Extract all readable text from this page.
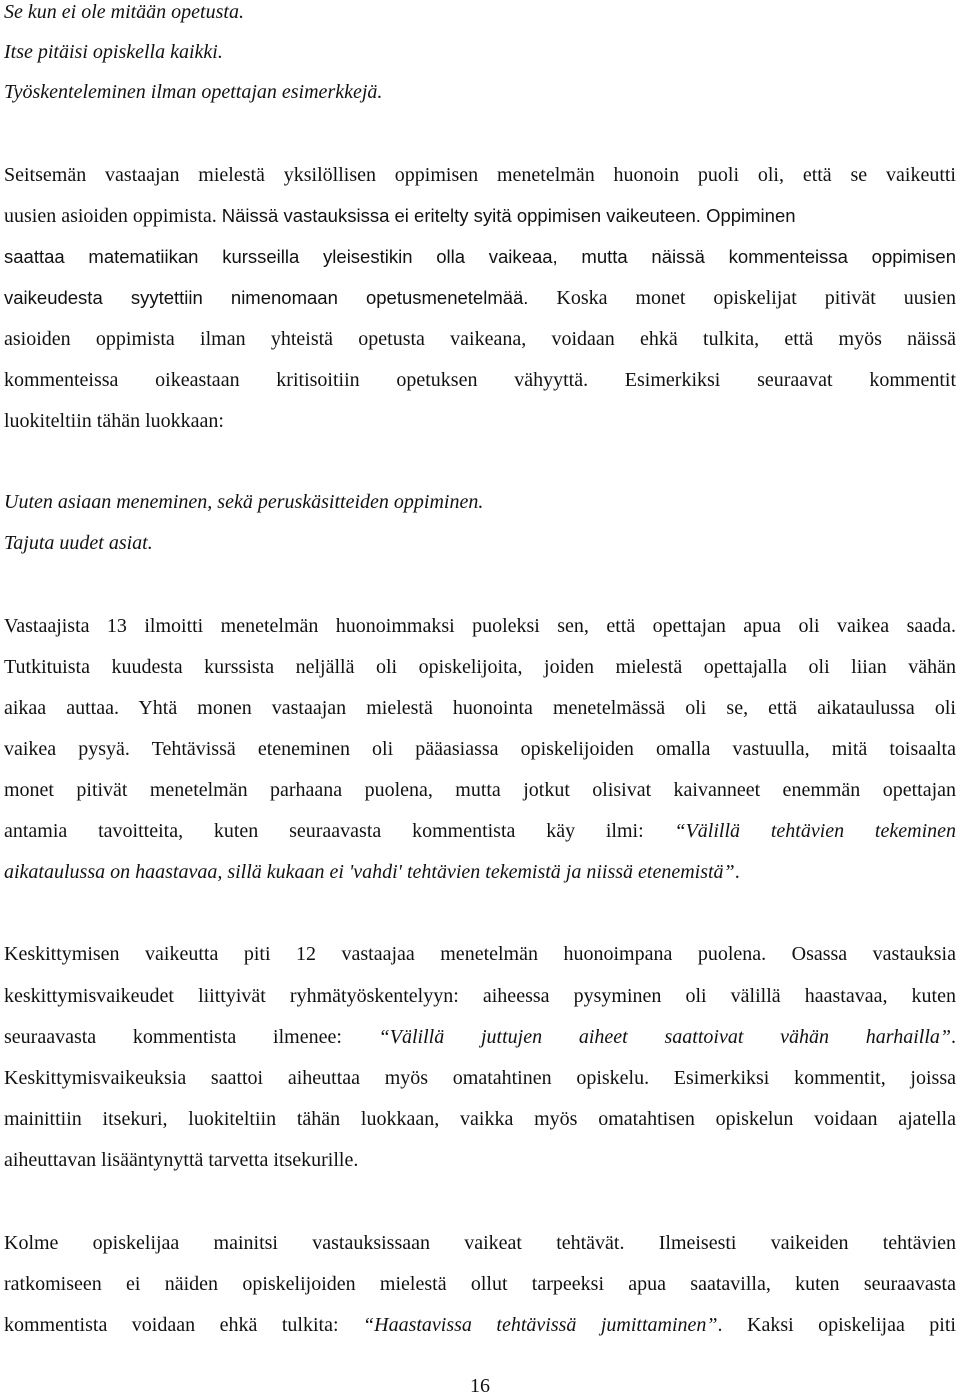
Se kun ei ole mitään opetusta.
Itse pitäisi opiskella kaikki.
Työskenteleminen ilman opettajan esimerkkejä.
Seitsemän vastaajan mielestä yksilöllisen oppimisen menetelmän huonoin puoli oli, että se vaikeutti
uusien asioiden oppimista. Näissä vastauksissa ei eritelty syitä oppimisen vaikeuteen. Oppiminen
saattaa matematiikan kursseilla yleisestikin olla vaikeaa, mutta näissä kommenteissa oppimisen
vaikeudesta syytettiin nimenomaan opetusmenetelmää. Koska monet opiskelijat pitivät uusien
asioiden oppimista ilman yhteistä opetusta vaikeana, voidaan ehkä tulkita, että myös näissä
kommenteissa oikeastaan kritisoitiin opetuksen vähyyttä. Esimerkiksi seuraavat kommentit
luokiteltiin tähän luokkaan:
Uuten asiaan meneminen, sekä peruskäsitteiden oppiminen.
Tajuta uudet asiat.
Vastaajista 13 ilmoitti menetelmän huonoimmaksi puoleksi sen, että opettajan apua oli vaikea saada.
Tutkituista kuudesta kurssista neljällä oli opiskelijoita, joiden mielestä opettajalla oli liian vähän
aikaa auttaa. Yhtä monen vastaajan mielestä huonointa menetelmässä oli se, että aikataulussa oli
vaikea pysyä. Tehtävissä eteneminen oli pääasiassa opiskelijoiden omalla vastuulla, mitä toisaalta
monet pitivät menetelmän parhaana puolena, mutta jotkut olisivat kaivanneet enemmän opettajan
antamia tavoitteita, kuten seuraavasta kommentista käy ilmi: “Välillä tehtävien tekeminen
aikataulussa on haastavaa, sillä kukaan ei 'vahdi' tehtävien tekemistä ja niissä etenemistä”.
Keskittymisen vaikeutta piti 12 vastaajaa menetelmän huonoimpana puolena. Osassa vastauksia
keskittymisvaikeudet liittyivät ryhmätyöskentelyyn: aiheessa pysyminen oli välillä haastavaa, kuten
seuraavasta kommentista ilmenee: “Välillä juttujen aiheet saattoivat vähän harhailla”.
Keskittymisvaikeuksia saattoi aiheuttaa myös omatahtinen opiskelu. Esimerkiksi kommentit, joissa
mainittiin itsekuri, luokiteltiin tähän luokkaan, vaikka myös omatahtisen opiskelun voidaan ajatella
aiheuttavan lisääntynyttä tarvetta itsekurille.
Kolme opiskelijaa mainitsi vastauksissaan vaikeat tehtävät. Ilmeisesti vaikeiden tehtävien
ratkomiseen ei näiden opiskelijoiden mielestä ollut tarpeeksi apua saatavilla, kuten seuraavasta
kommentista voidaan ehkä tulkita: “Haastavissa tehtävissä jumittaminen”. Kaksi opiskelijaa piti
16
